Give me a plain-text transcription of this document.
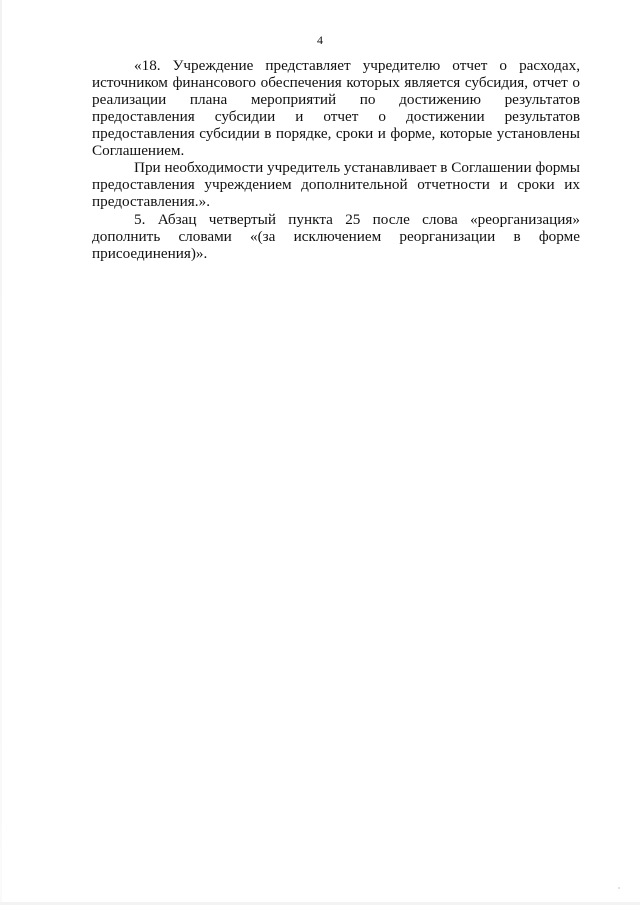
4
«18. Учреждение представляет учредителю отчет о расходах,
источником финансового обеспечения которых является субсидия, отчет о
реализации плана мероприятий по достижению результатов
предоставления субсидии и отчет о достижении результатов
предоставления субсидии в порядке, сроки и форме, которые установлены
Соглашением.
При необходимости учредитель устанавливает в Соглашении формы
предоставления учреждением дополнительной отчетности и сроки их
предоставления.».
5. Абзац четвертый пункта 25 после слова «реорганизация»
дополнить словами «(за исключением реорганизации в форме
присоединения)».
